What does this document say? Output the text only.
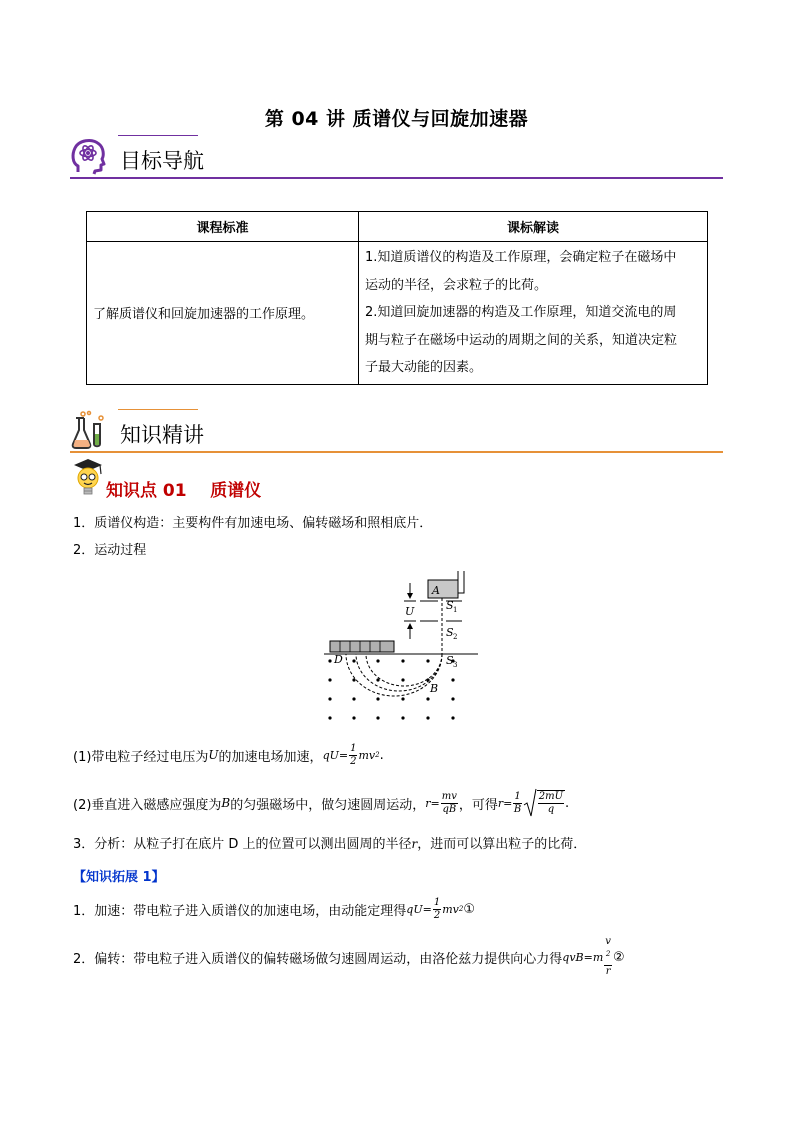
第 04 讲 质谱仪与回旋加速器
目标导航
课程标准	课标解读
了解质谱仪和回旋加速器的工作原理。	1.知道质谱仪的构造及工作原理，会确定粒子在磁场中
运动的半径，会求粒子的比荷。
2.知道回旋加速器的构造及工作原理，知道交流电的周
期与粒子在磁场中运动的周期之间的关系，知道决定粒
子最大动能的因素。
知识精讲
知识点 01    质谱仪
1．质谱仪构造：主要构件有加速电场、偏转磁场和照相底片．
2．运动过程
U
A
S 1
S 2
S 3
D
B
(1)带电粒子经过电压为 U 的加速电场加速， $qU= \frac{1}{2}$ mv 2 .
(2)垂直进入磁感应强度为 B 的匀强磁场中，做匀速圆周运动， $r= \frac{mv}{qB}$ ，可得 $r= \frac{1}{B} \frac{2mU}{q}$ .
3．分析：从粒子打在底片 D 上的位置可以测出圆周的半径r，进而可以算出粒子的比荷．
【知识拓展 1】
1．加速：带电粒子进入质谱仪的加速电场，由动能定理得 $qU= \frac{1}{2}$ mv 2 ①
2．偏转：带电粒子进入质谱仪的偏转磁场做匀速圆周运动，由洛伦兹力提供向心力得 qvB= m v
$^2$
r ②
